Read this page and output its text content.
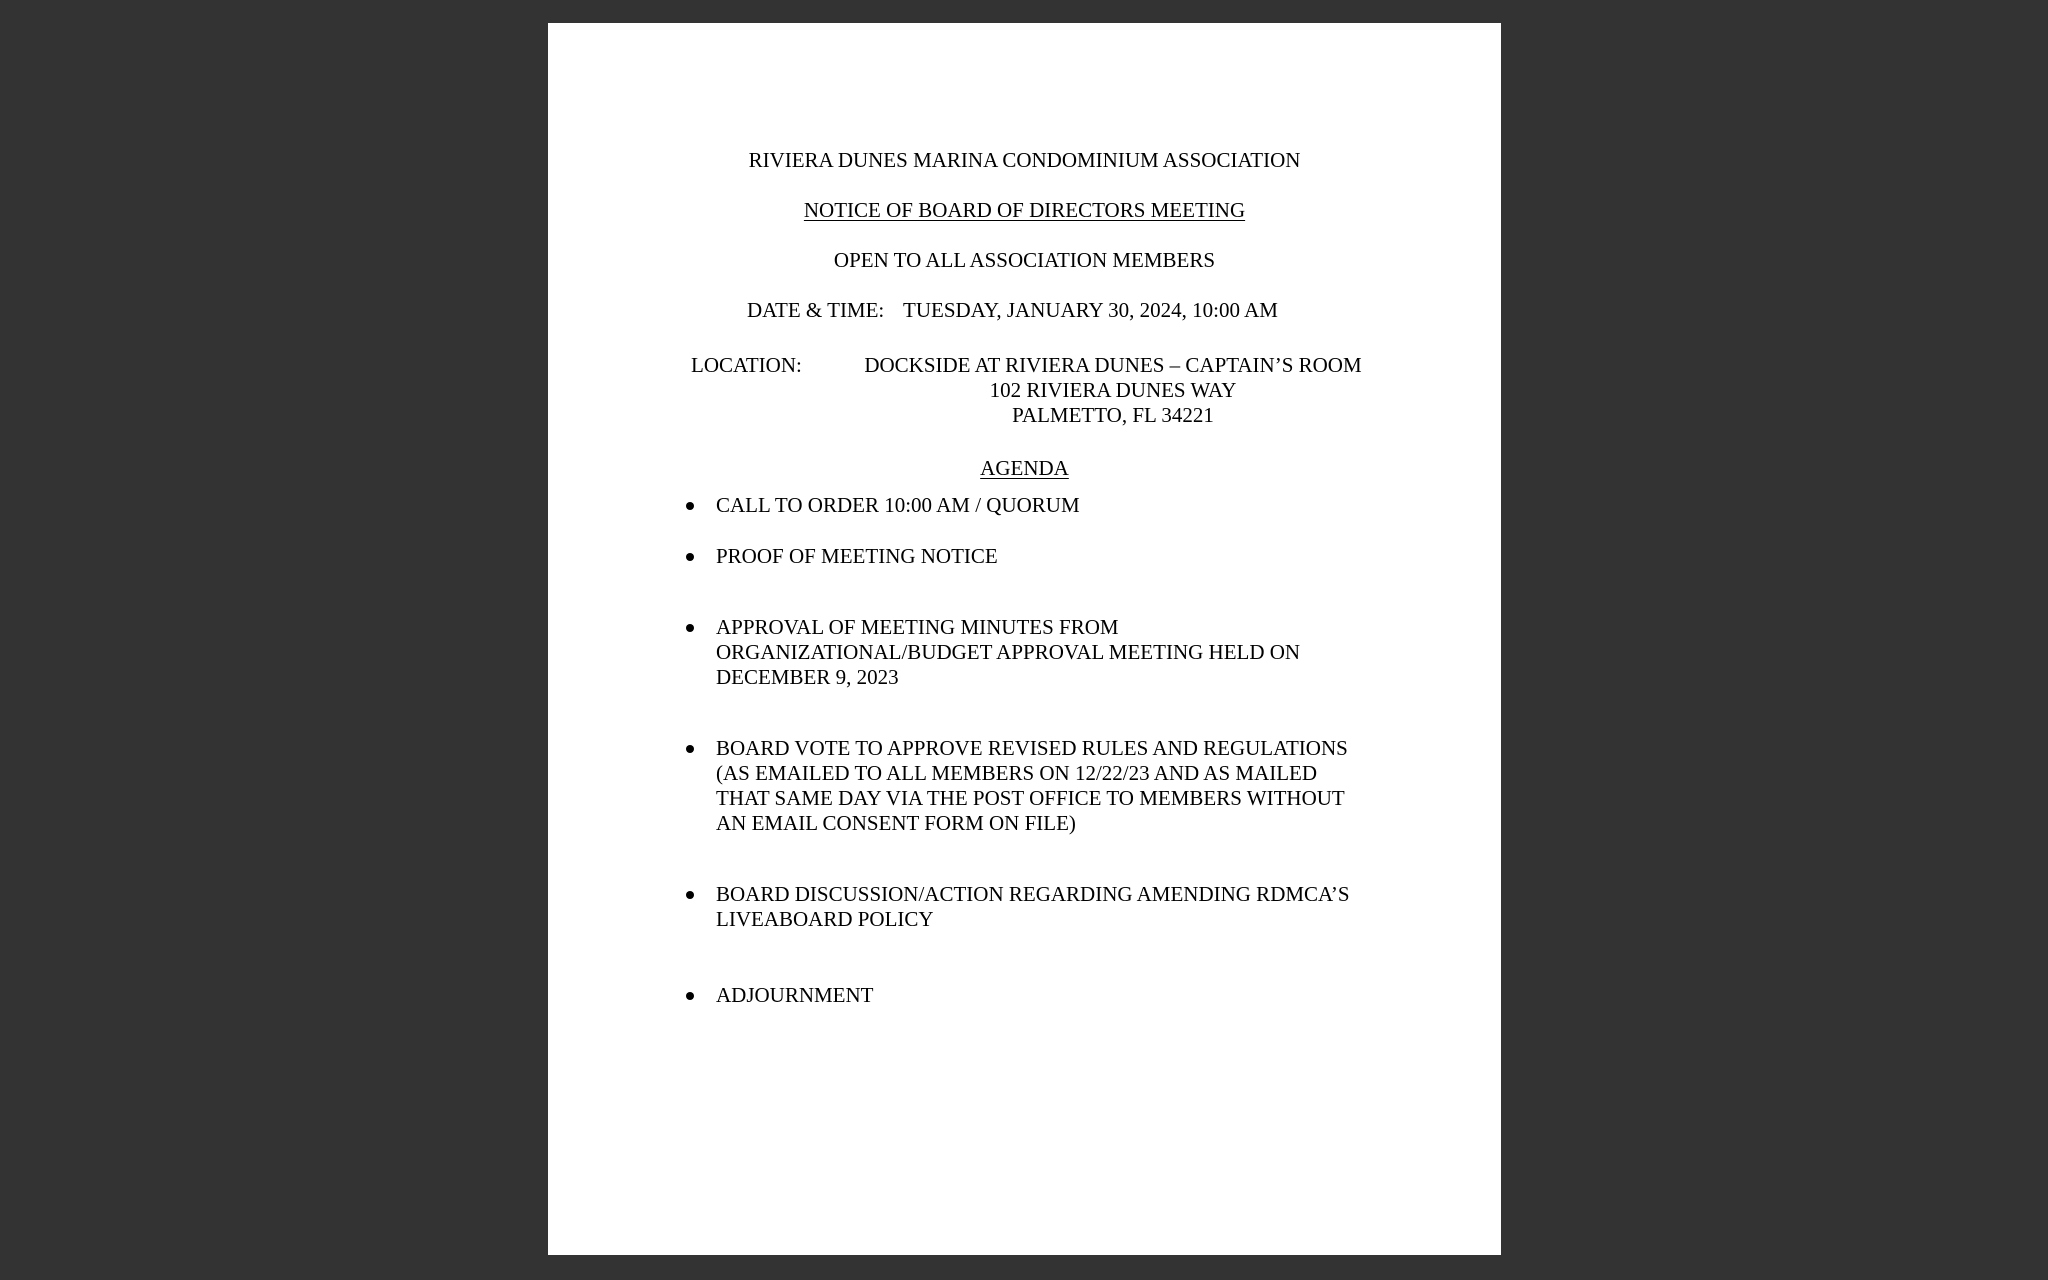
RIVIERA DUNES MARINA CONDOMINIUM ASSOCIATION
NOTICE OF BOARD OF DIRECTORS MEETING
OPEN TO ALL ASSOCIATION MEMBERS
DATE & TIME: TUESDAY, JANUARY 30, 2024, 10:00 AM
LOCATION:	DOCKSIDE AT RIVIERA DUNES – CAPTAIN’S ROOM
102 RIVIERA DUNES WAY
PALMETTO, FL 34221
AGENDA
CALL TO ORDER 10:00 AM / QUORUM
PROOF OF MEETING NOTICE
APPROVAL OF MEETING MINUTES FROM
ORGANIZATIONAL/BUDGET APPROVAL MEETING HELD ON
DECEMBER 9, 2023
BOARD VOTE TO APPROVE REVISED RULES AND REGULATIONS
(AS EMAILED TO ALL MEMBERS ON 12/22/23 AND AS MAILED
THAT SAME DAY VIA THE POST OFFICE TO MEMBERS WITHOUT
AN EMAIL CONSENT FORM ON FILE)
BOARD DISCUSSION/ACTION REGARDING AMENDING RDMCA’S
LIVEABOARD POLICY
ADJOURNMENT
